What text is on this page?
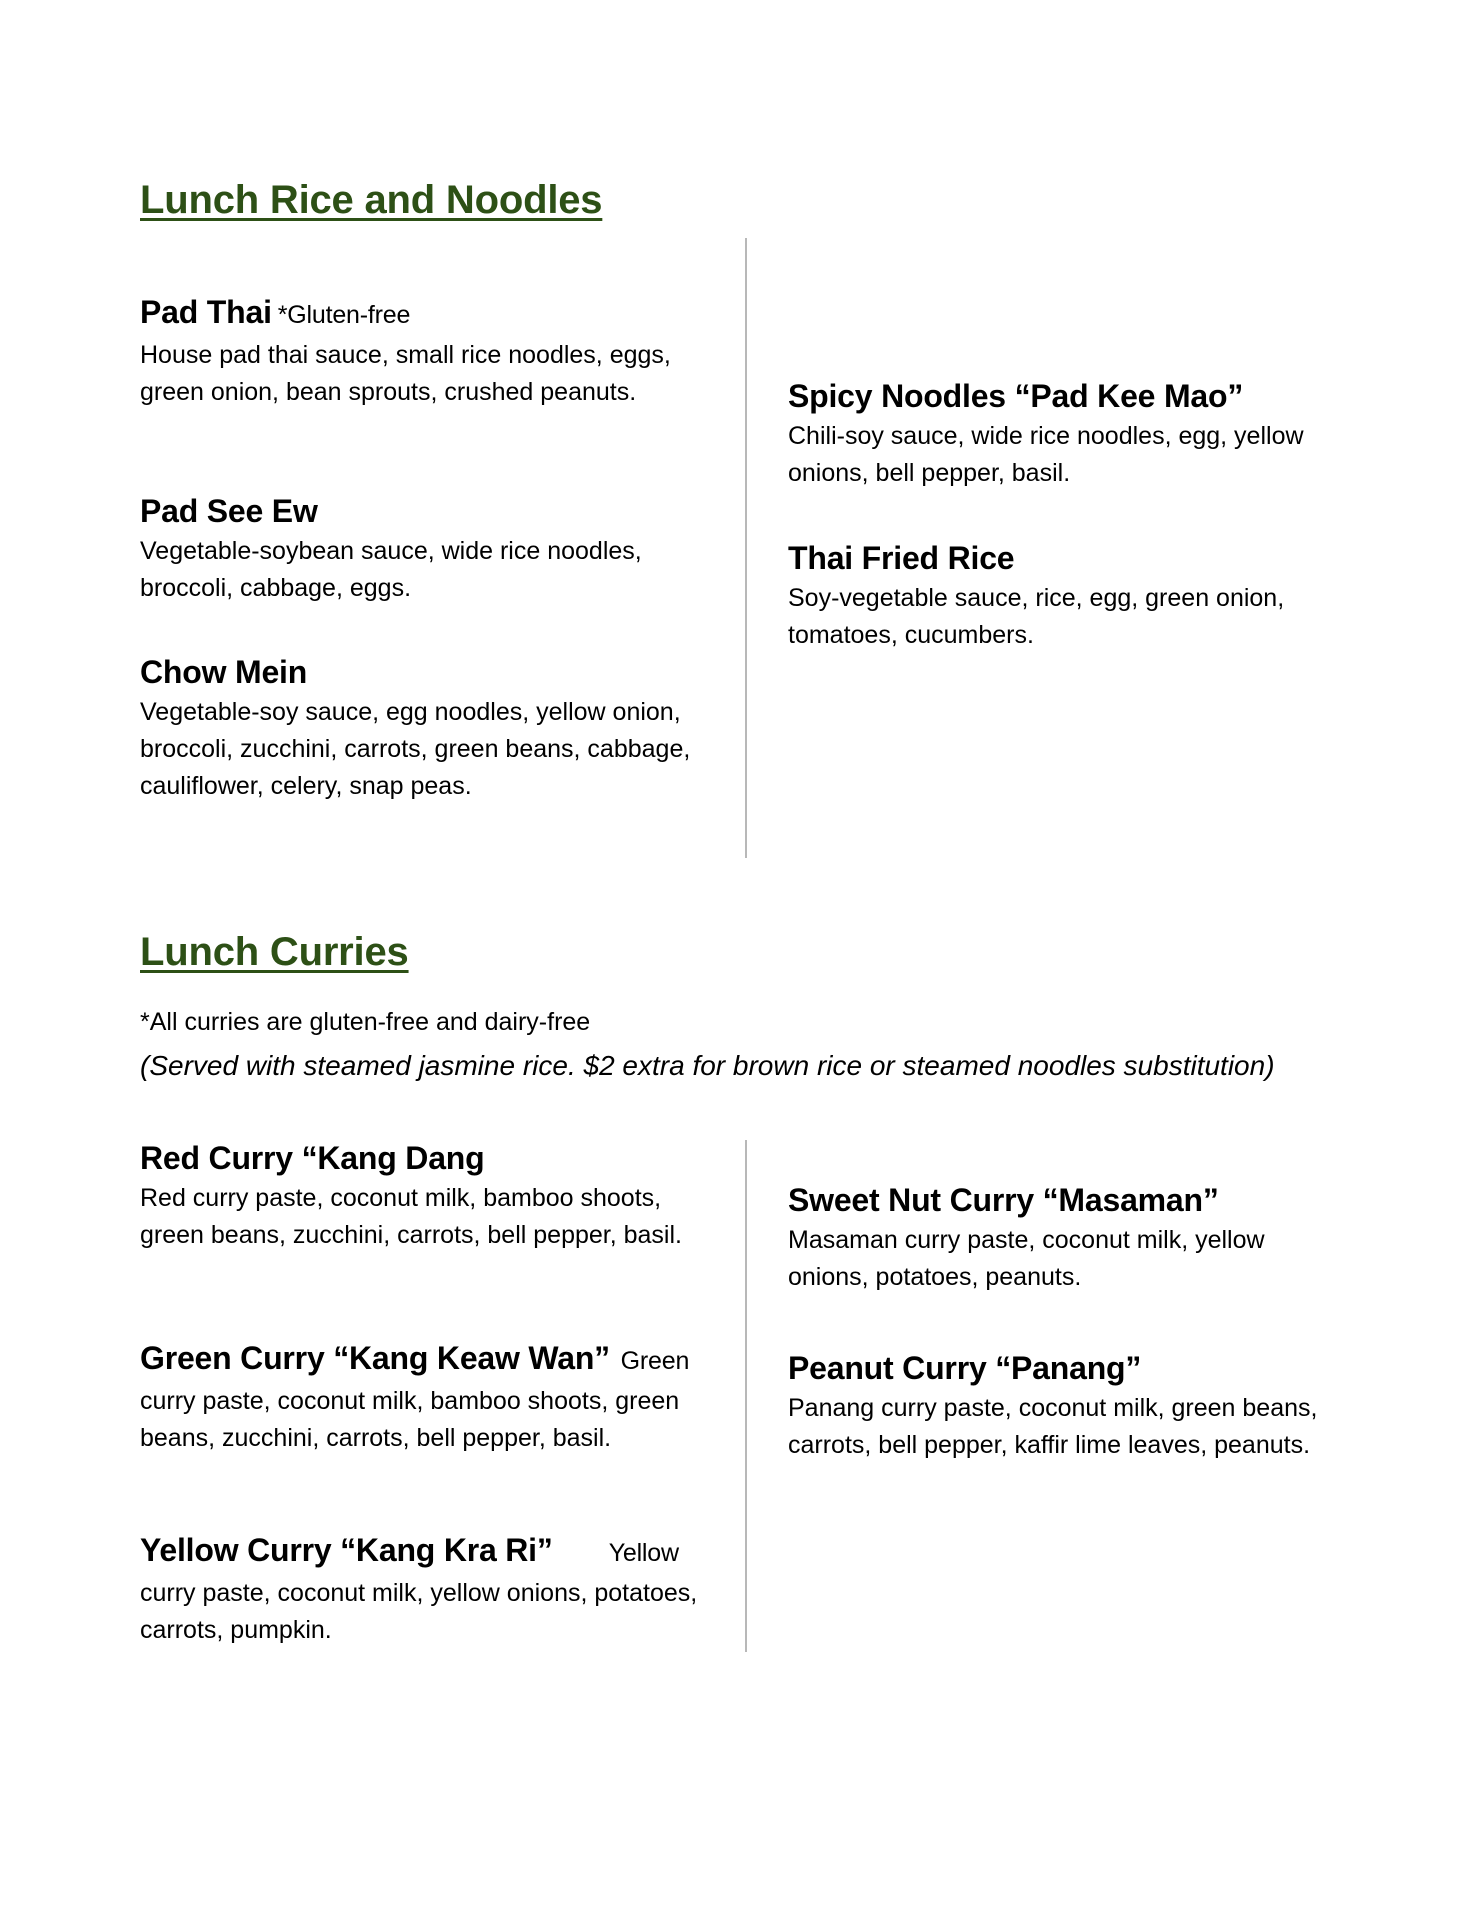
Lunch Rice and Noodles
Pad Thai *Gluten-free

House pad thai sauce, small rice noodles, eggs, green onion, bean sprouts, crushed peanuts.

Pad See Ew

Vegetable-soybean sauce, wide rice noodles, broccoli, cabbage, eggs.

Chow Mein

Vegetable-soy sauce, egg noodles, yellow onion, broccoli, zucchini, carrots, green beans, cabbage, cauliflower, celery, snap peas.

Spicy Noodles “Pad Kee Mao”

Chili-soy sauce, wide rice noodles, egg, yellow onions, bell pepper, basil.

Thai Fried Rice

Soy-vegetable sauce, rice, egg, green onion, tomatoes, cucumbers.

Lunch Curries

*All curries are gluten-free and dairy-free

(Served with steamed jasmine rice. $2 extra for brown rice or steamed noodles substitution)

Red Curry “Kang Dang

Red curry paste, coconut milk, bamboo shoots, green beans, zucchini, carrots, bell pepper, basil.

Green Curry “Kang Keaw Wan” Green

curry paste, coconut milk, bamboo shoots, green beans, zucchini, carrots, bell pepper, basil.

Yellow Curry “Kang Kra Ri” Yellow

curry paste, coconut milk, yellow onions, potatoes, carrots, pumpkin.

Sweet Nut Curry “Masaman”

Masaman curry paste, coconut milk, yellow onions, potatoes, peanuts.

Peanut Curry “Panang”

Panang curry paste, coconut milk, green beans, carrots, bell pepper, kaffir lime leaves, peanuts.
